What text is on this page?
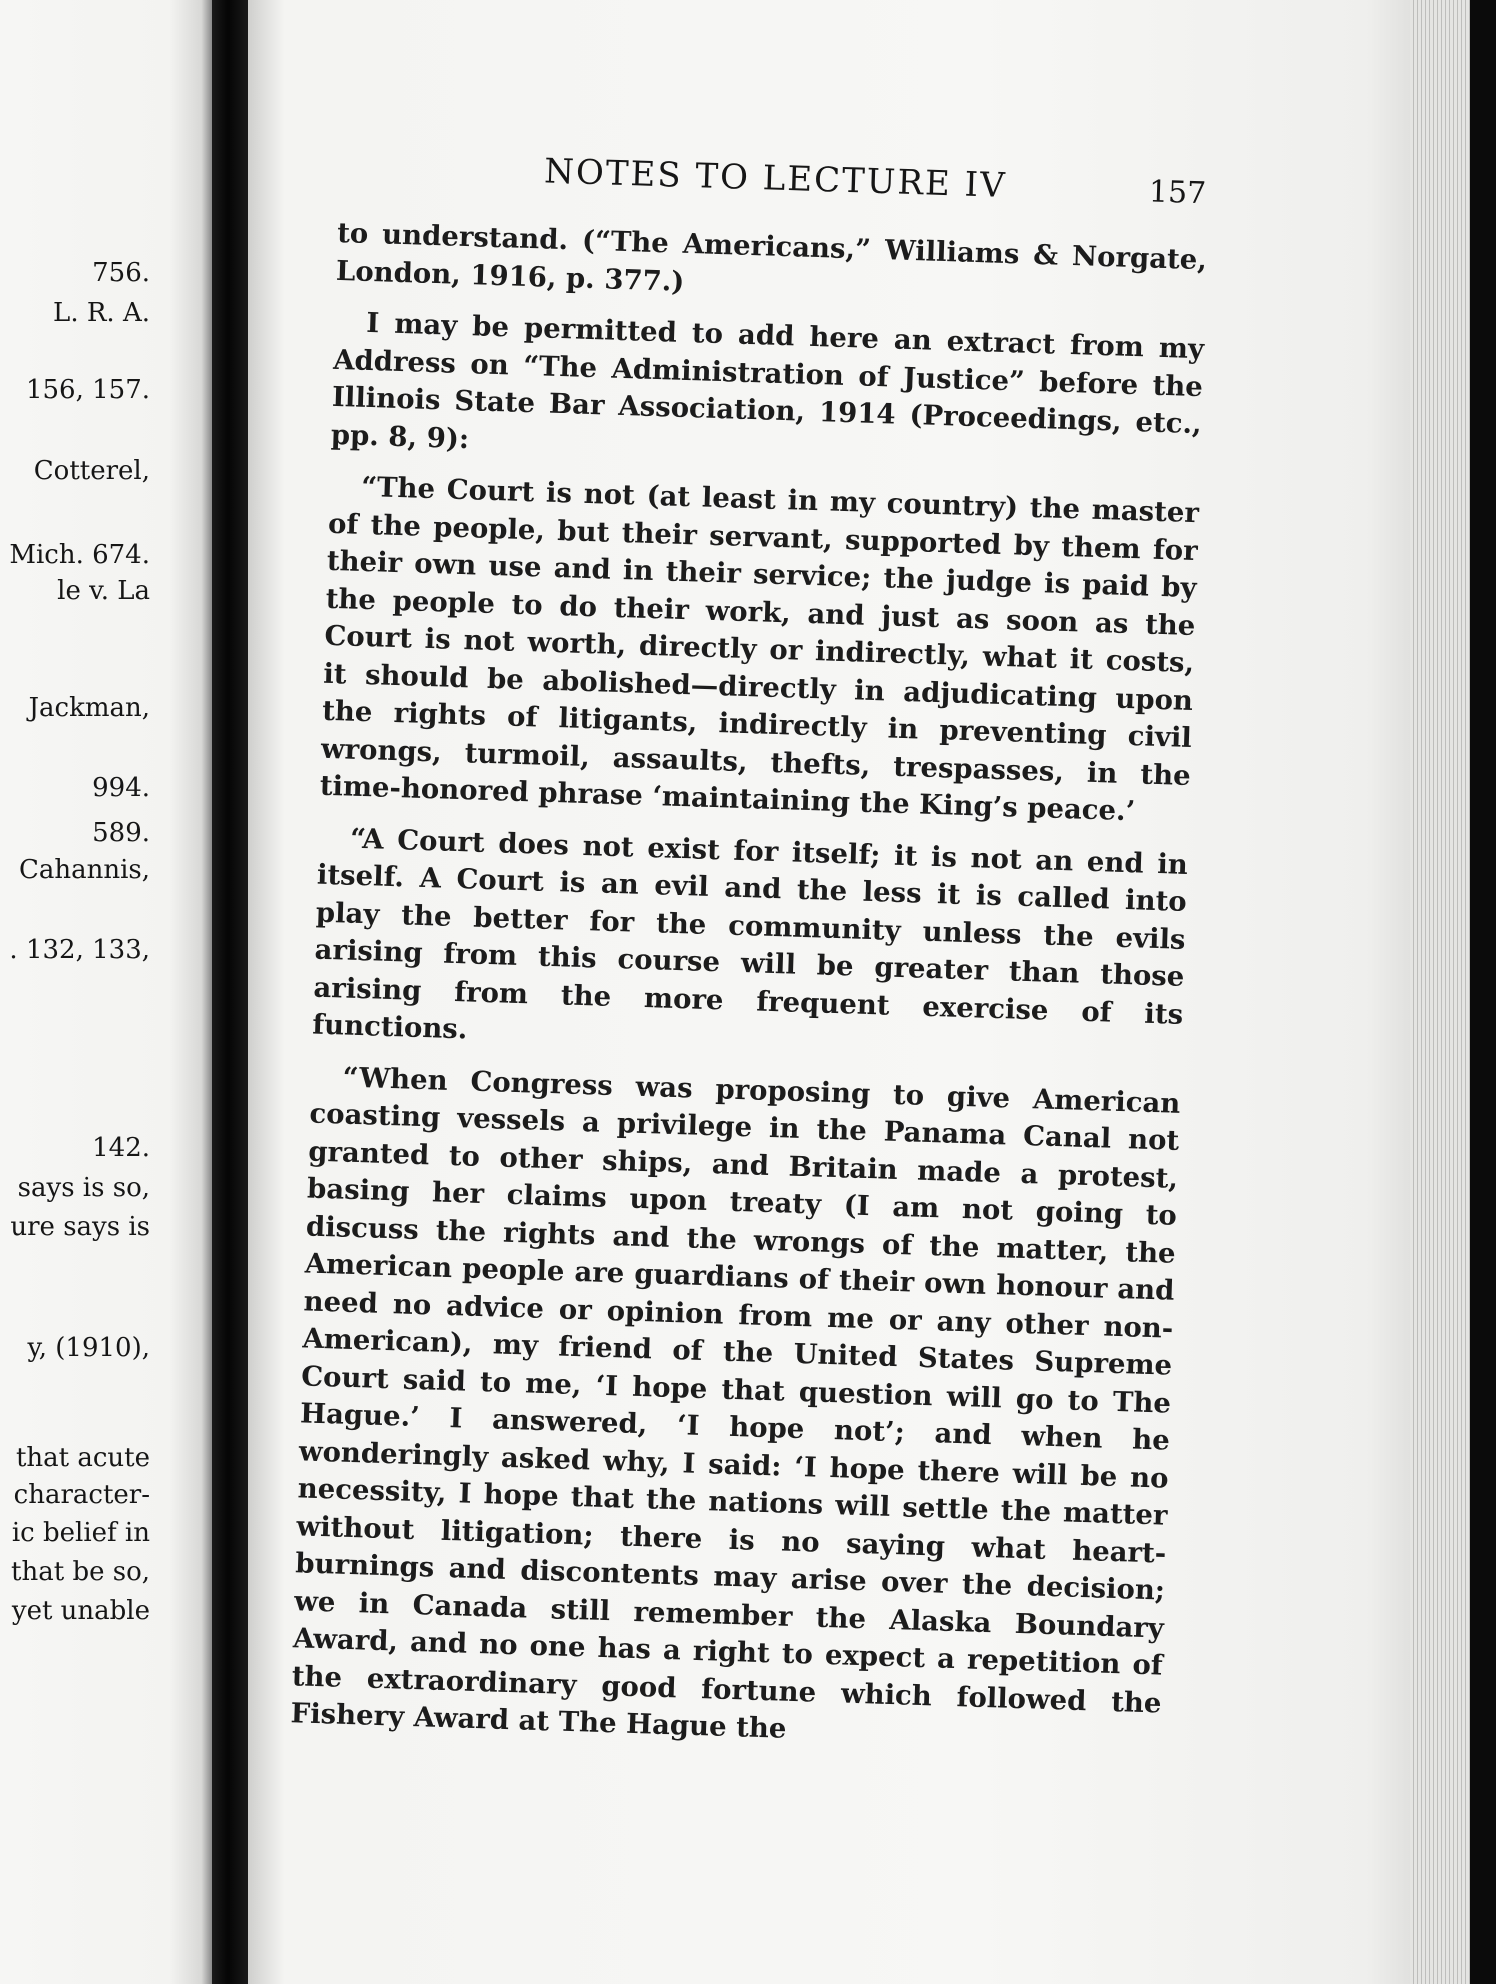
756.
L. R. A.
156, 157.
Cotterel,
Mich. 674.
le v. La
Jackman,
994.
589.
Cahannis,
. 132, 133,
142.
says is so,
ure says is
y, (1910),
that acute
character-
ic belief in
that be so,
yet unable
NOTES TO LECTURE IV	157

to understand. (“The Americans,” Williams & Norgate, London, 1916, p. 377.)

I may be permitted to add here an extract from my Address on “The Administration of Justice” before the Illinois State Bar Association, 1914 (Proceedings, etc., pp. 8, 9):

“The Court is not (at least in my country) the master of the people, but their servant, supported by them for their own use and in their service; the judge is paid by the people to do their work, and just as soon as the Court is not worth, directly or indirectly, what it costs, it should be abolished—directly in adjudicating upon the rights of litigants, indirectly in preventing civil wrongs, turmoil, assaults, thefts, trespasses, in the time-honored phrase ‘maintaining the King’s peace.’

“A Court does not exist for itself; it is not an end in itself. A Court is an evil and the less it is called into play the better for the community unless the evils arising from this course will be greater than those arising from the more frequent exercise of its functions.

“When Congress was proposing to give American coasting vessels a privilege in the Panama Canal not granted to other ships, and Britain made a protest, basing her claims upon treaty (I am not going to discuss the rights and the wrongs of the matter, the American people are guardians of their own honour and need no advice or opinion from me or any other non-American), my friend of the United States Supreme Court said to me, ‘I hope that question will go to The Hague.’ I answered, ‘I hope not’; and when he wonderingly asked why, I said: ‘I hope there will be no necessity, I hope that the nations will settle the matter without litigation; there is no saying what heart-burnings and discontents may arise over the decision; we in Canada still remember the Alaska Boundary Award, and no one has a right to expect a repetition of the extraordinary good fortune which followed the Fishery Award at The Hague the
